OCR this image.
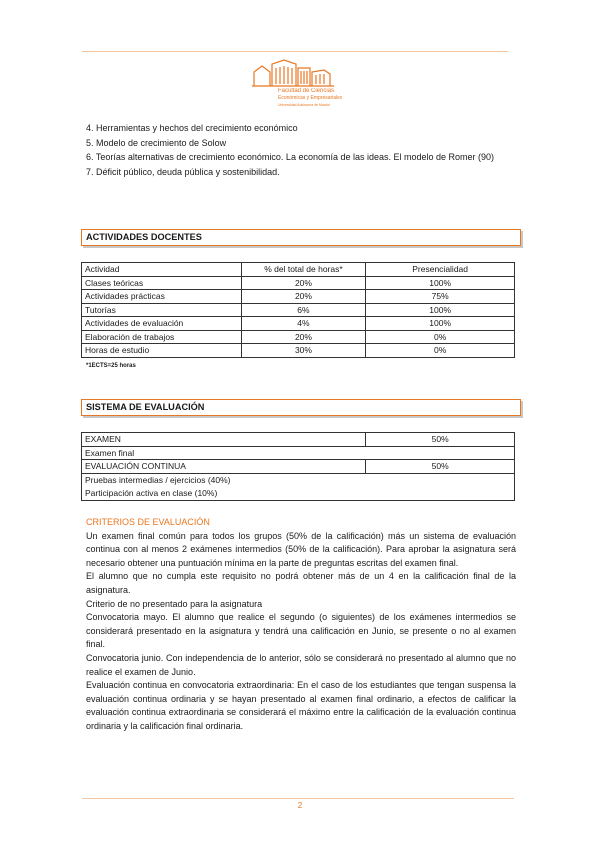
Facultad de Ciencias
Económicas y Empresariales
Universidad Autónoma de Madrid

4. Herramientas y hechos del crecimiento económico

5. Modelo de crecimiento de Solow

6. Teorías alternativas de crecimiento económico. La economía de las ideas. El modelo de Romer (90)

7. Déficit público, deuda pública y sostenibilidad.

ACTIVIDADES DOCENTES
Actividad	% del total de horas*	Presencialidad
Clases teóricas	20%	100%
Actividades prácticas	20%	75%
Tutorías	6%	100%
Actividades de evaluación	4%	100%
Elaboración de trabajos	20%	0%
Horas de estudio	30%	0%
*1ECTS=25 horas
SISTEMA DE EVALUACIÓN
EXAMEN	50%
Examen final	
EVALUACIÓN CONTINUA	50%

Pruebas intermedias / ejercicios (40%)
Participación activa en clase (10%)	

CRITERIOS DE EVALUACIÓN

Un examen final común para todos los grupos (50% de la calificación) más un sistema de evaluación continua con al menos 2 exámenes intermedios (50% de la calificación). Para aprobar la asignatura será necesario obtener una puntuación mínima en la parte de preguntas escritas del examen final.

El alumno que no cumpla este requisito no podrá obtener más de un 4 en la calificación final de la asignatura.

Criterio de no presentado para la asignatura

Convocatoria mayo. El alumno que realice el segundo (o siguientes) de los exámenes intermedios se considerará presentado en la asignatura y tendrá una calificación en Junio, se presente o no al examen final.

Convocatoria junio. Con independencia de lo anterior, sólo se considerará no presentado al alumno que no realice el examen de Junio.

Evaluación continua en convocatoria extraordinaria: En el caso de los estudiantes que tengan suspensa la evaluación continua ordinaria y se hayan presentado al examen final ordinario, a efectos de calificar la evaluación continua extraordinaria se considerará el máximo entre la calificación de la evaluación continua ordinaria y la calificación final ordinaria.

2
